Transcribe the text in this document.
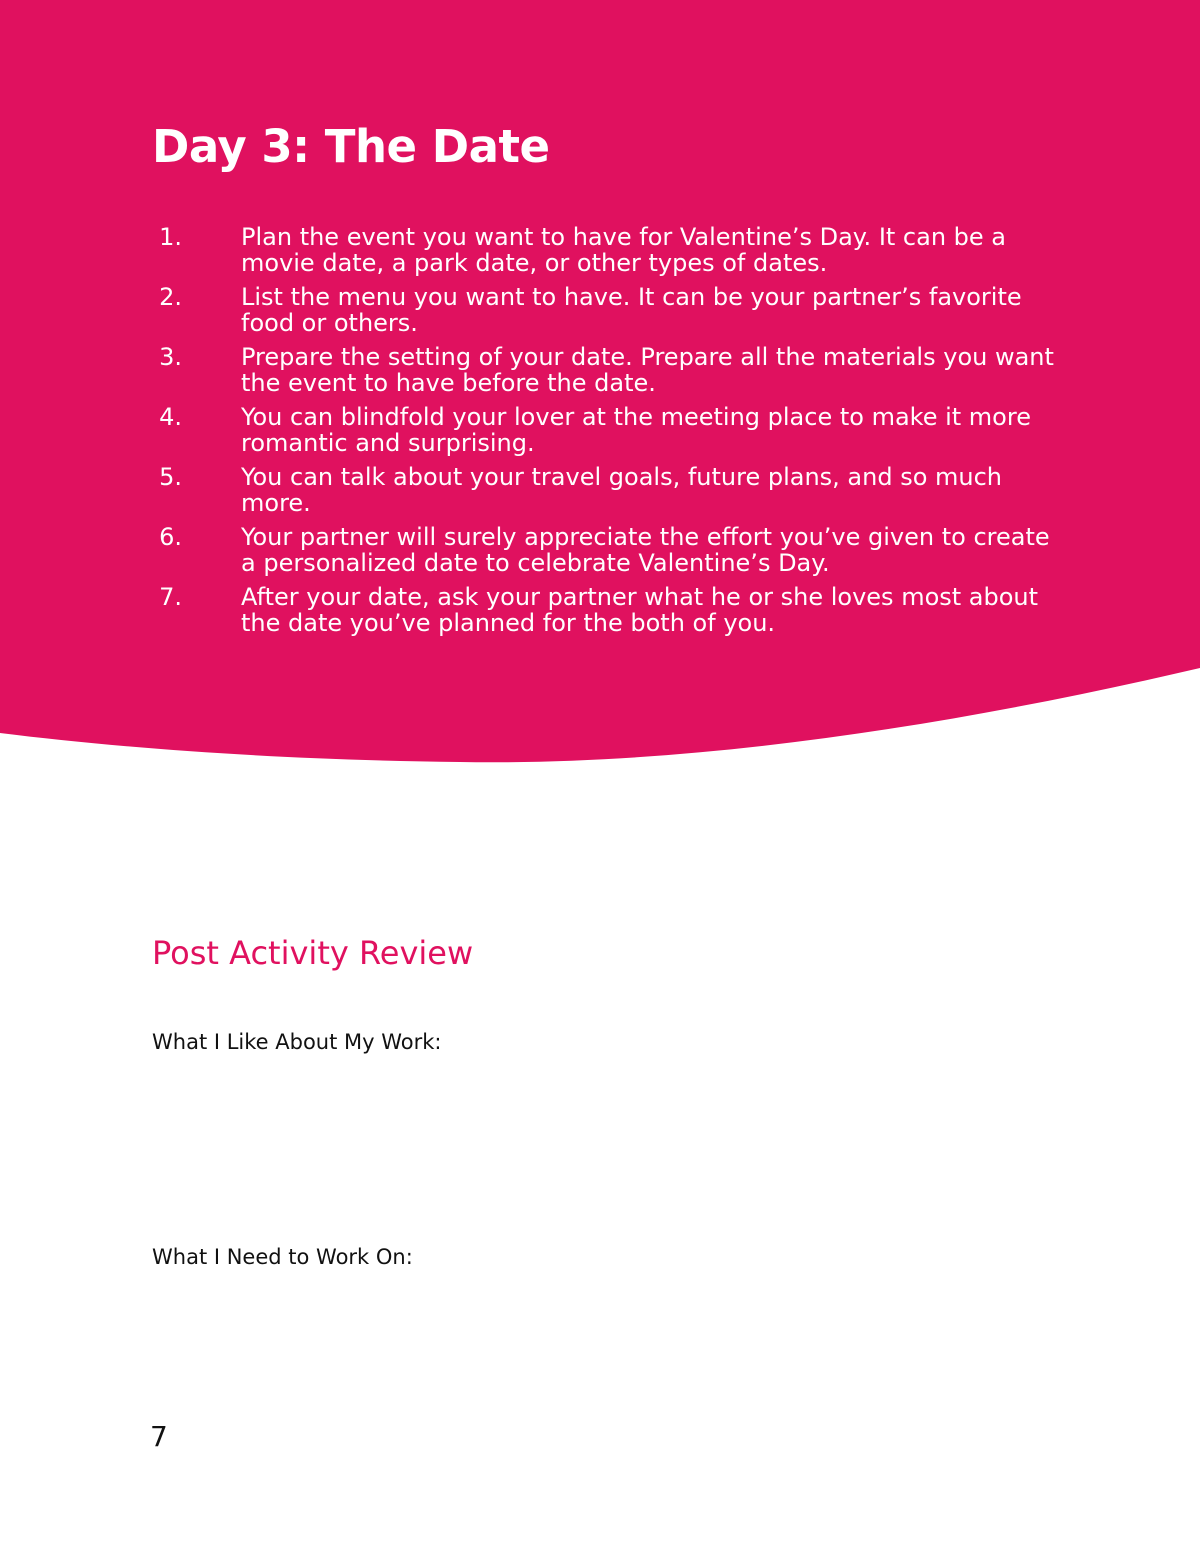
Day 3: The Date
1. Plan the event you want to have for Valentine’s Day. It can be a movie date, a park date, or other types of dates.
2. List the menu you want to have. It can be your partner’s favorite food or others.
3. Prepare the setting of your date. Prepare all the materials you want the event to have before the date.
4. You can blindfold your lover at the meeting place to make it more romantic and surprising.
5. You can talk about your travel goals, future plans, and so much more.
6. Your partner will surely appreciate the effort you’ve given to create a personalized date to celebrate Valentine’s Day.
7. After your date, ask your partner what he or she loves most about the date you’ve planned for the both of you.
Post Activity Review

What I Like About My Work:

What I Need to Work On:

7
